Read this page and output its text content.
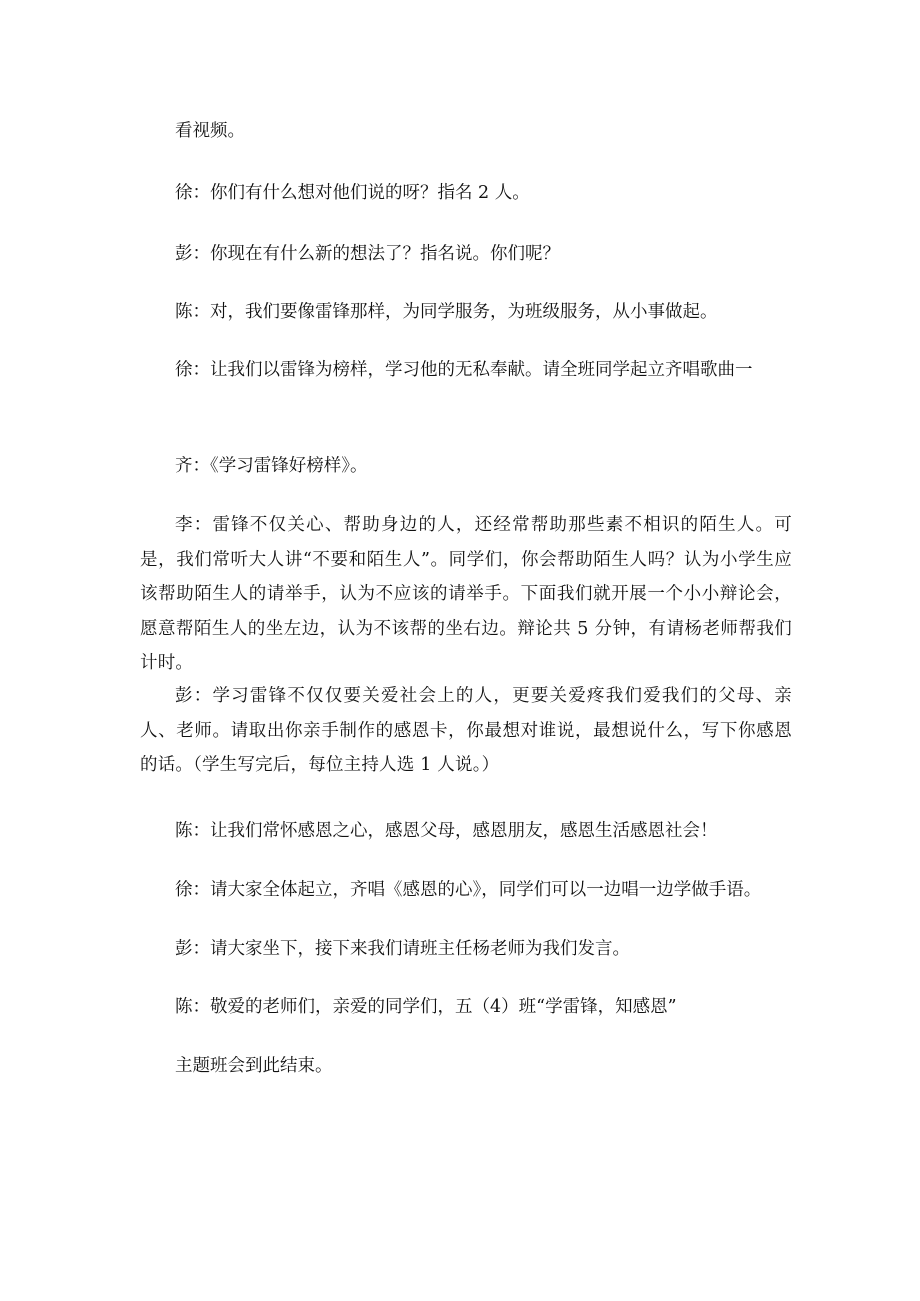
看视频。
徐：你们有什么想对他们说的呀？指名 2 人。
彭：你现在有什么新的想法了？指名说。你们呢？
陈：对，我们要像雷锋那样，为同学服务，为班级服务，从小事做起。
徐：让我们以雷锋为榜样，学习他的无私奉献。请全班同学起立齐唱歌曲一
齐：《学习雷锋好榜样》。
李：雷锋不仅关心、帮助身边的人，还经常帮助那些素不相识的陌生人。可是，我们常听大人讲“不要和陌生人”。同学们，你会帮助陌生人吗？认为小学生应该帮助陌生人的请举手，认为不应该的请举手。下面我们就开展一个小小辩论会，愿意帮陌生人的坐左边，认为不该帮的坐右边。辩论共 5 分钟，有请杨老师帮我们计时。
彭：学习雷锋不仅仅要关爱社会上的人，更要关爱疼我们爱我们的父母、亲人、老师。请取出你亲手制作的感恩卡，你最想对谁说，最想说什么，写下你感恩的话。（学生写完后，每位主持人选 1 人说。）
陈：让我们常怀感恩之心，感恩父母，感恩朋友，感恩生活感恩社会！
徐：请大家全体起立，齐唱《感恩的心》，同学们可以一边唱一边学做手语。
彭：请大家坐下，接下来我们请班主任杨老师为我们发言。
陈：敬爱的老师们，亲爱的同学们，五（4）班“学雷锋，知感恩”
主题班会到此结束。
